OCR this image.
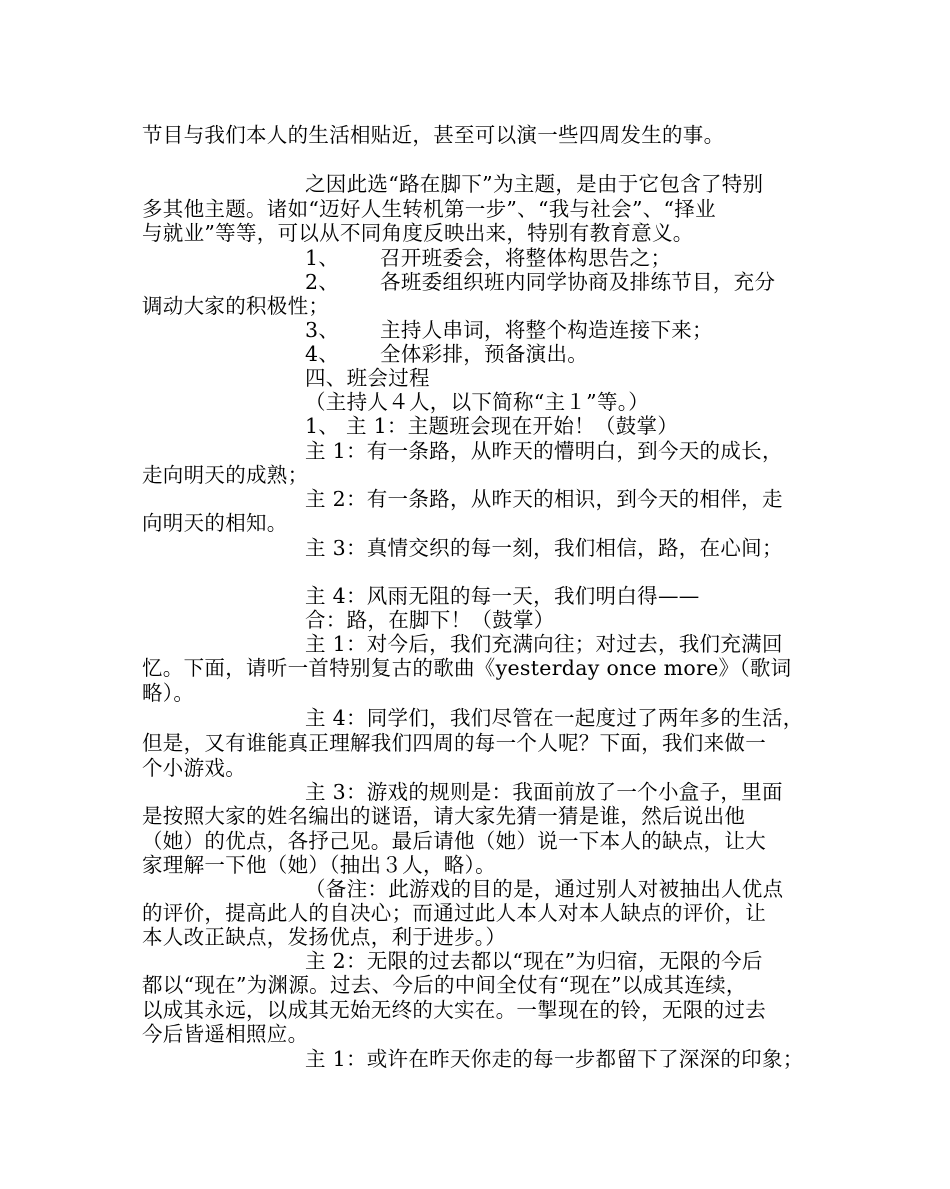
节目与我们本人的生活相贴近，甚至可以演一些四周发生的事。
之因此选“路在脚下”为主题，是由于它包含了特别
多其他主题。诸如“迈好人生转机第一步”、“我与社会”、“择业
与就业”等等，可以从不同角度反映出来，特别有教育意义。
1、      召开班委会，将整体构思告之；
2、      各班委组织班内同学协商及排练节目，充分
调动大家的积极性；
3、      主持人串词，将整个构造连接下来；
4、      全体彩排，预备演出。
四、班会过程
（主持人４人，以下简称“主１”等。）
1、 主 1：主题班会现在开始！（鼓掌）
主 1：有一条路，从昨天的懵明白，到今天的成长，
走向明天的成熟；
主 2：有一条路，从昨天的相识，到今天的相伴，走
向明天的相知。
主 3：真情交织的每一刻，我们相信，路，在心间；
主 4：风雨无阻的每一天，我们明白得——
合：路，在脚下！（鼓掌）
主 1：对今后，我们充满向往；对过去，我们充满回
忆。下面，请听一首特别复古的歌曲《yesterday once more》（歌词
略）。
主 4：同学们，我们尽管在一起度过了两年多的生活，
但是，又有谁能真正理解我们四周的每一个人呢？下面，我们来做一
个小游戏。
主 3：游戏的规则是：我面前放了一个小盒子，里面
是按照大家的姓名编出的谜语，请大家先猜一猜是谁，然后说出他
（她）的优点，各抒己见。最后请他（她）说一下本人的缺点，让大
家理解一下他（她）（抽出３人，略）。
（备注：此游戏的目的是，通过别人对被抽出人优点
的评价，提高此人的自决心；而通过此人本人对本人缺点的评价，让
本人改正缺点，发扬优点，利于进步。）
主 2：无限的过去都以“现在”为归宿，无限的今后
都以“现在”为渊源。过去、今后的中间全仗有“现在”以成其连续，
以成其永远，以成其无始无终的大实在。一掣现在的铃，无限的过去
今后皆遥相照应。
主 1：或许在昨天你走的每一步都留下了深深的印象；
